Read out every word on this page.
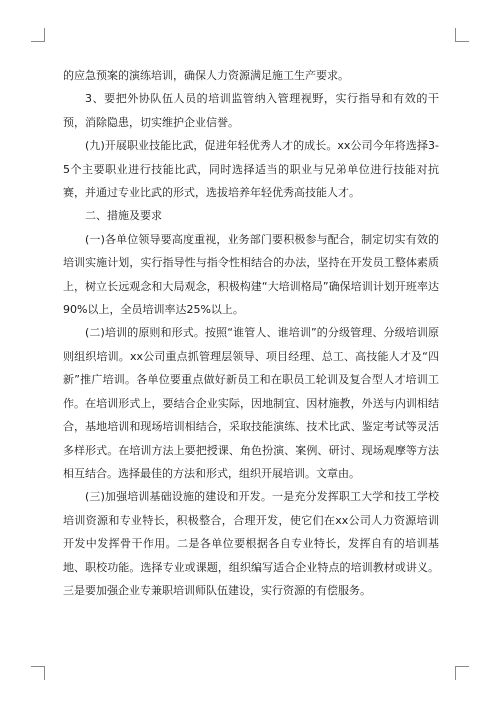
的应急预案的演练培训，确保人力资源满足施工生产要求。

3、要把外协队伍人员的培训监管纳入管理视野，实行指导和有效的干预，消除隐患，切实维护企业信誉。

(九)开展职业技能比武，促进年轻优秀人才的成长。xx公司今年将选择3-5个主要职业进行技能比武，同时选择适当的职业与兄弟单位进行技能对抗赛，并通过专业比武的形式，选拔培养年轻优秀高技能人才。

二、措施及要求

(一)各单位领导要高度重视，业务部门要积极参与配合，制定切实有效的培训实施计划，实行指导性与指令性相结合的办法，坚持在开发员工整体素质上，树立长远观念和大局观念，积极构建“大培训格局”确保培训计划开班率达90%以上，全员培训率达25%以上。

(二)培训的原则和形式。按照“谁管人、谁培训”的分级管理、分级培训原则组织培训。xx公司重点抓管理层领导、项目经理、总工、高技能人才及“四新”推广培训。各单位要重点做好新员工和在职员工轮训及复合型人才培训工作。在培训形式上，要结合企业实际，因地制宜、因材施教，外送与内训相结合，基地培训和现场培训相结合，采取技能演练、技术比武、鉴定考试等灵活多样形式。在培训方法上要把授课、角色扮演、案例、研讨、现场观摩等方法相互结合。选择最佳的方法和形式，组织开展培训。文章由。

(三)加强培训基础设施的建设和开发。一是充分发挥职工大学和技工学校培训资源和专业特长，积极整合，合理开发，使它们在xx公司人力资源培训开发中发挥骨干作用。二是各单位要根据各自专业特长，发挥自有的培训基地、职校功能。选择专业或课题，组织编写适合企业特点的培训教材或讲义。三是要加强企业专兼职培训师队伍建设，实行资源的有偿服务。
